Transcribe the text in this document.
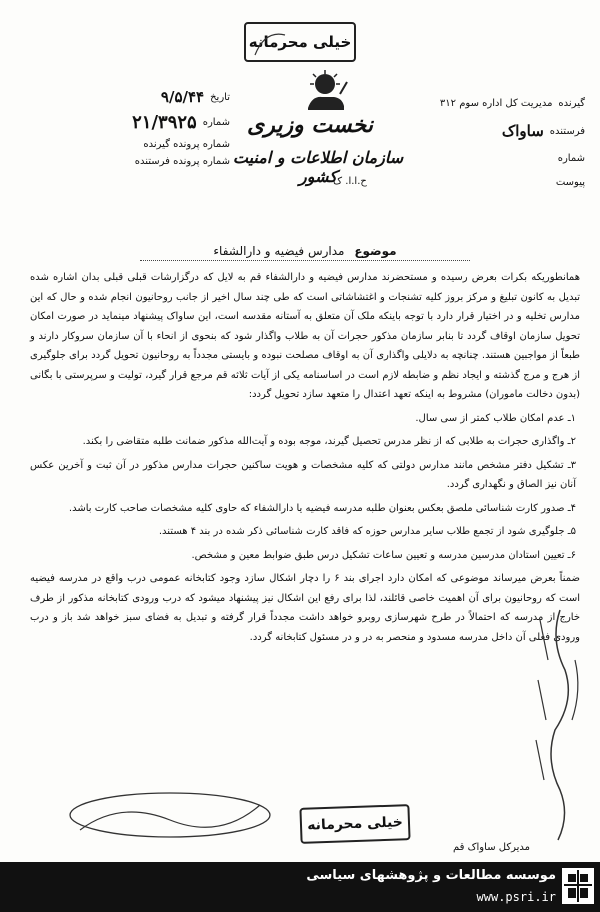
خیلی محرمانه
نخست وزیری
سازمان اطلاعات و امنیت کشور
ح.ا.ا. ک
تاریخ
۹/۵/۴۴
شماره
۲۱/۳۹۲۵
شماره پرونده گیرنده
شماره پرونده فرستنده
گیرنده
مدیریت کل اداره سوم ۳۱۲
فرستنده
ساواک
شماره
پیوست
موضوع مدارس فیضیه و دارالشفاء

همانطوریکه بکرات بعرض رسیده و مستحضرند مدارس فیضیه و دارالشفاء قم به لایل که درگزارشات قبلی قبلی بدان اشاره شده تبدیل به کانون تبلیغ و مرکز بروز کلیه تشنجات و اغتشاشاتی است که طی چند سال اخیر از جانب روحانیون انجام شده و حال که این مدارس تخلیه و در اختیار قرار دارد با توجه باینکه ملک آن متعلق به آستانه مقدسه است، این ساواک پیشنهاد مینماید در صورت امکان تحویل سازمان اوقاف گردد تا بنابر سازمان مذکور حجرات آن به طلاب واگذار شود که بنحوی از انحاء با آن سازمان سروکار دارند و طبعاً از مواجبین هستند. چنانچه به دلایلی واگذاری آن به اوقاف مصلحت نبوده و بایستی مجدداً به روحانیون تحویل گردد برای جلوگیری از هرج و مرج گذشته و ایجاد نظم و ضابطه لازم است در اساسنامه یکی از آیات ثلاثه قم مرجع قرار گیرد، تولیت و سرپرستی با بگانی (بدون دخالت ماموران) مشروط به اینکه تعهد اعتدال را متعهد سازد تحویل گردد:

۱ـ عدم امکان طلاب کمتر از سی سال.

۲ـ واگذاری حجرات به طلابی که از نظر مدرس تحصیل گیرند، موجه بوده و آیت‌الله مذکور ضمانت طلبه متقاضی را بکند.

۳ـ تشکیل دفتر مشخص مانند مدارس دولتی که کلیه مشخصات و هویت ساکنین حجرات مدارس مذکور در آن ثبت و آخرین عکس آنان نیز الصاق و نگهداری گردد.

۴ـ صدور کارت شناسائی ملصق بعکس بعنوان طلبه مدرسه فیضیه یا دارالشفاء که حاوی کلیه مشخصات صاحب کارت باشد.

۵ـ جلوگیری شود از تجمع طلاب سایر مدارس حوزه که فاقد کارت شناسائی ذکر شده در بند ۴ هستند.

۶ـ تعیین استادان مدرسین مدرسه و تعیین ساعات تشکیل درس طبق ضوابط معین و مشخص.

ضمناً بعرض میرساند موضوعی که امکان دارد اجرای بند ۶ را دچار اشکال سازد وجود کتابخانه عمومی درب واقع در مدرسه فیضیه است که روحانیون برای آن اهمیت خاصی قائلند، لذا برای رفع این اشکال نیز پیشنهاد میشود که درب ورودی کتابخانه مذکور از طرف خارج از مدرسه که احتمالاً در طرح شهرسازی روبرو خواهد داشت مجدداً قرار گرفته و تبدیل به فضای سبز خواهد شد باز و درب ورودی فعلی آن داخل مدرسه مسدود و منحصر به در و در مسئول کتابخانه گردد.

مدیرکل ساواک قم
خیلی محرمانه
موسسه مطالعات و پژوهشهای سیاسی
www.psri.ir
